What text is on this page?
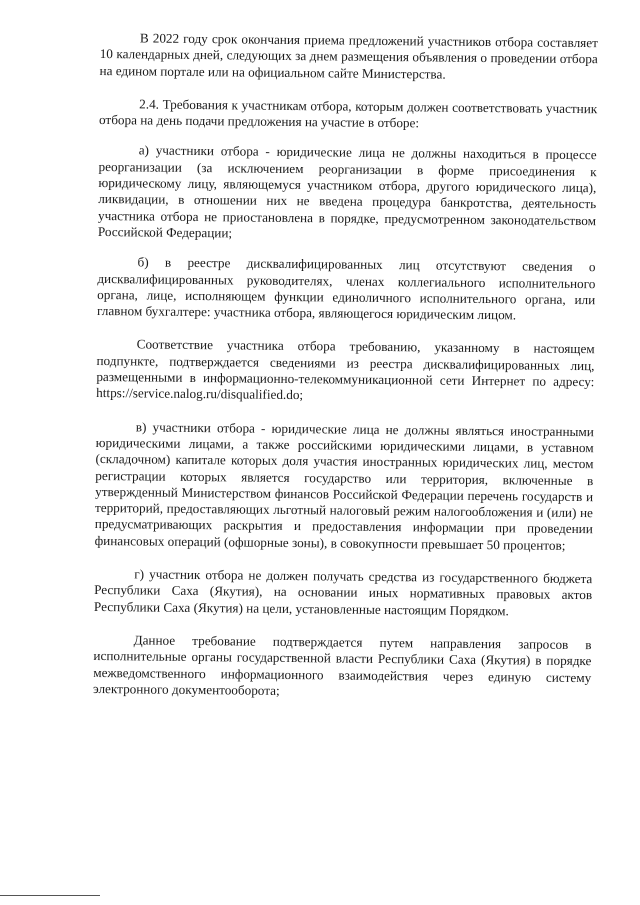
В 2022 году срок окончания приема предложений участников отбора составляет 10 календарных дней, следующих за днем размещения объявления о проведении отбора на едином портале или на официальном сайте Министерства.

2.4. Требования к участникам отбора, которым должен соответствовать участник отбора на день подачи предложения на участие в отборе:

а) участники отбора - юридические лица не должны находиться в процессе реорганизации (за исключением реорганизации в форме присоединения к юридическому лицу, являющемуся участником отбора, другого юридического лица), ликвидации, в отношении них не введена процедура банкротства, деятельность участника отбора не приостановлена в порядке, предусмотренном законодательством Российской Федерации;

б) в реестре дисквалифицированных лиц отсутствуют сведения о дисквалифицированных руководителях, членах коллегиального исполнительного органа, лице, исполняющем функции единоличного исполнительного органа, или главном бухгалтере: участника отбора, являющегося юридическим лицом.

Соответствие участника отбора требованию, указанному в настоящем подпункте, подтверждается сведениями из реестра дисквалифицированных лиц, размещенными в информационно-телекоммуникационной сети Интернет по адресу: https://service.nalog.ru/disqualified.do;

в) участники отбора - юридические лица не должны являться иностранными юридическими лицами, а также российскими юридическими лицами, в уставном (складочном) капитале которых доля участия иностранных юридических лиц, местом регистрации которых является государство или территория, включенные в утвержденный Министерством финансов Российской Федерации перечень государств и территорий, предоставляющих льготный налоговый режим налогообложения и (или) не предусматривающих раскрытия и предоставления информации при проведении финансовых операций (офшорные зоны), в совокупности превышает 50 процентов;

г) участник отбора не должен получать средства из государственного бюджета Республики Саха (Якутия), на основании иных нормативных правовых актов Республики Саха (Якутия) на цели, установленные настоящим Порядком.

Данное требование подтверждается путем направления запросов в исполнительные органы государственной власти Республики Саха (Якутия) в порядке межведомственного информационного взаимодействия через единую систему электронного документооборота;
